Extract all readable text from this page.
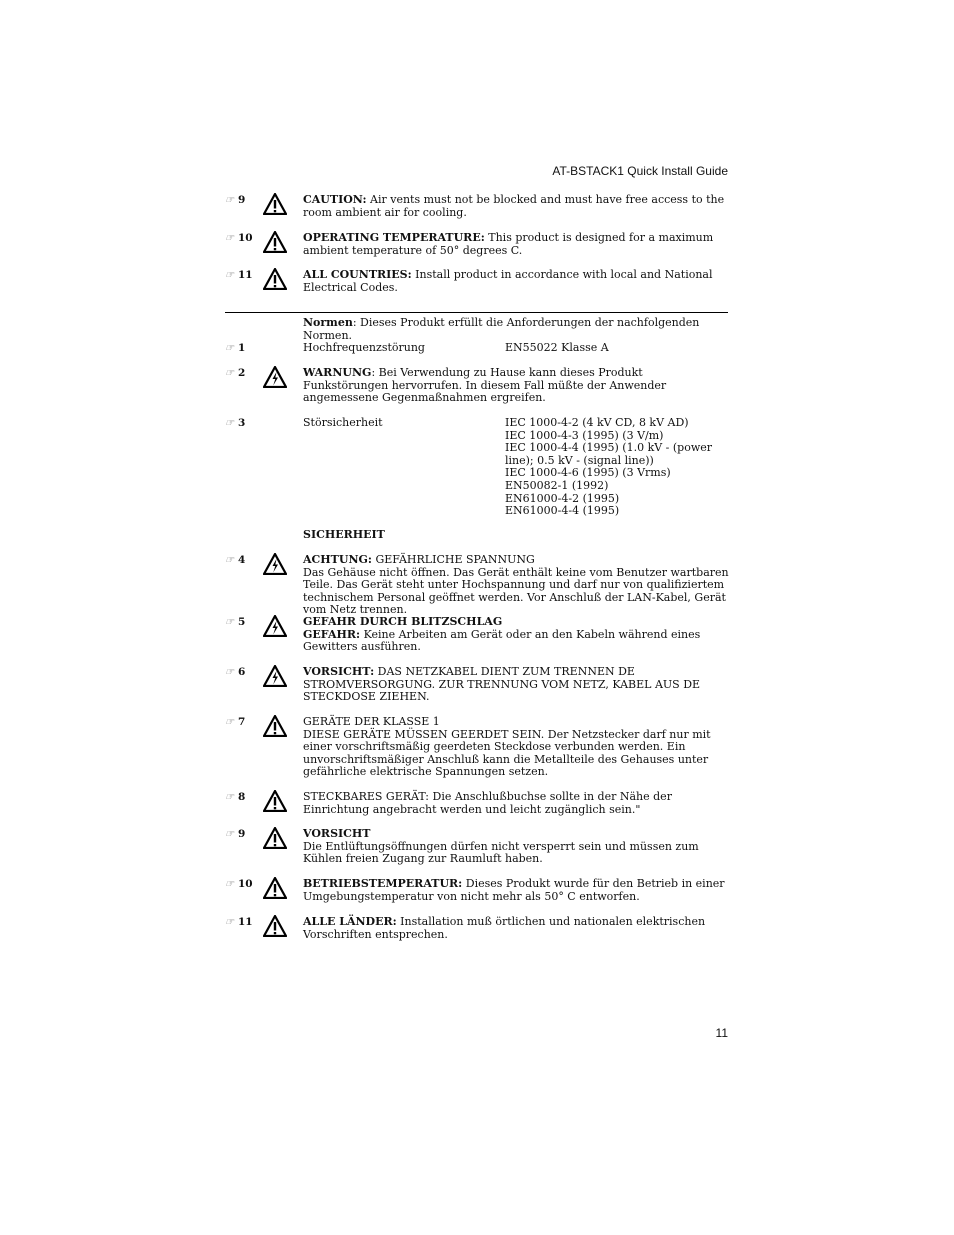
AT-BSTACK1 Quick Install Guide
☞ 9	CAUTION: Air vents must not be blocked and must have free access to the room ambient air for cooling.
☞ 10	OPERATING TEMPERATURE: This product is designed for a maximum ambient temperature of 50° degrees C.
☞ 11	ALL COUNTRIES: Install product in accordance with local and National Electrical Codes.
Normen: Dieses Produkt erfüllt die Anforderungen der nachfolgenden Normen.
☞ 1	Hochfrequenzstörung	EN55022 Klasse A
☞ 2	WARNUNG: Bei Verwendung zu Hause kann dieses Produkt Funkstörungen hervorrufen. In diesem Fall müßte der Anwender angemessene Gegenmaßnahmen ergreifen.
☞ 3	Störsicherheit	IEC 1000-4-2 (4 kV CD, 8 kV AD)
IEC 1000-4-3 (1995) (3 V/m)
IEC 1000-4-4 (1995) (1.0 kV - (power line); 0.5 kV - (signal line))
IEC 1000-4-6 (1995) (3 Vrms)
EN50082-1 (1992)
EN61000-4-2 (1995)
EN61000-4-4 (1995)
SICHERHEIT
☞ 4	ACHTUNG: GEFÄHRLICHE SPANNUNG
Das Gehäuse nicht öffnen. Das Gerät enthält keine vom Benutzer wartbaren Teile. Das Gerät steht unter Hochspannung und darf nur von qualifiziertem technischem Personal geöffnet werden. Vor Anschluß der LAN-Kabel, Gerät vom Netz trennen.
☞ 5	GEFAHR DURCH BLITZSCHLAG
GEFAHR: Keine Arbeiten am Gerät oder an den Kabeln während eines Gewitters ausführen.
☞ 6	VORSICHT: DAS NETZKABEL DIENT ZUM TRENNEN DE STROMVERSORGUNG. ZUR TRENNUNG VOM NETZ, KABEL AUS DE STECKDOSE ZIEHEN.
☞ 7	GERÄTE DER KLASSE 1
DIESE GERÄTE MÜSSEN GEERDET SEIN. Der Netzstecker darf nur mit einer vorschriftsmäßig geerdeten Steckdose verbunden werden. Ein unvorschriftsmäßiger Anschluß kann die Metallteile des Gehauses unter gefährliche elektrische Spannungen setzen.
☞ 8	STECKBARES GERÄT: Die Anschlußbuchse sollte in der Nähe der Einrichtung angebracht werden und leicht zugänglich sein."
☞ 9	VORSICHT
Die Entlüftungsöffnungen dürfen nicht versperrt sein und müssen zum Kühlen freien Zugang zur Raumluft haben.
☞ 10	BETRIEBSTEMPERATUR: Dieses Produkt wurde für den Betrieb in einer Umgebungstemperatur von nicht mehr als 50° C entworfen.
☞ 11	ALLE LÄNDER: Installation muß örtlichen und nationalen elektrischen Vorschriften entsprechen.
11
